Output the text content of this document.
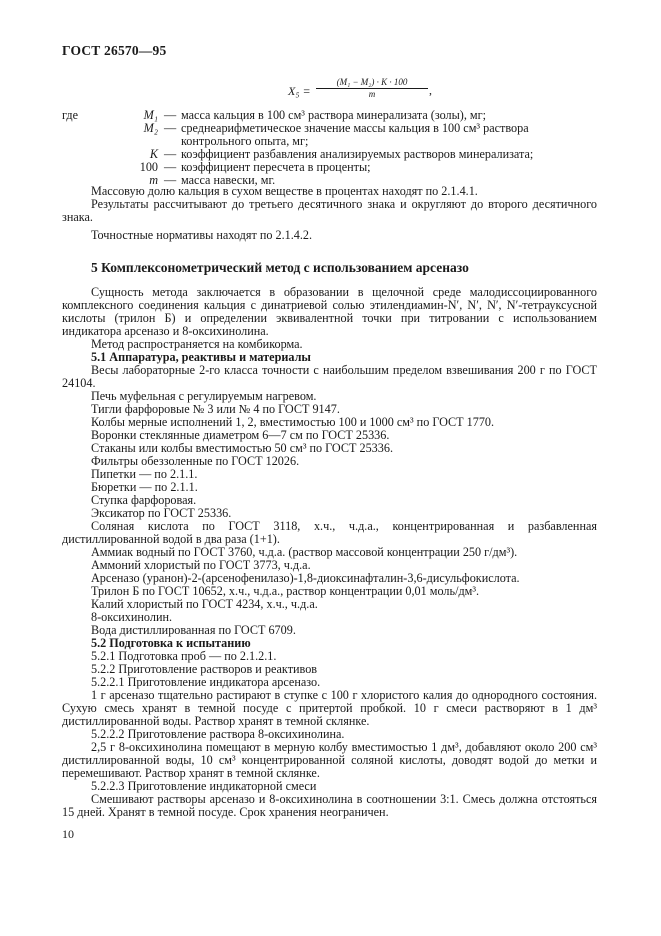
ГОСТ 26570—95
$X_5 = \frac{\text{(M₁ − M₂) · K · 100}}{m}$ ,
где	M₁ — масса кальция в 100 см³ раствора минерализата (золы), мг;
M₂ — среднеарифметическое значение массы кальция в 100 см³ раствора контрольного опыта, мг;
K — коэффициент разбавления анализируемых растворов минерализата;
100 — коэффициент пересчета в проценты;
m — масса навески, мг.

Массовую долю кальция в сухом веществе в процентах находят по 2.1.4.1.

Результаты рассчитывают до третьего десятичного знака и округляют до второго десятичного знака.

Точностные нормативы находят по 2.1.4.2.

5 Комплексонометрический метод с использованием арсеназо

Сущность метода заключается в образовании в щелочной среде малодиссоциированного комплексного соединения кальция с динатриевой солью этилендиамин-N′, N′, N′, N′-тетрауксусной кислоты (трилон Б) и определении эквивалентной точки при титровании с использованием индикатора арсеназо и 8-оксихинолина.

Метод распространяется на комбикорма.

5.1 Аппаратура, реактивы и материалы

Весы лабораторные 2-го класса точности с наибольшим пределом взвешивания 200 г по ГОСТ 24104.

Печь муфельная с регулируемым нагревом.

Тигли фарфоровые № 3 или № 4 по ГОСТ 9147.

Колбы мерные исполнений 1, 2, вместимостью 100 и 1000 см³ по ГОСТ 1770.

Воронки стеклянные диаметром 6—7 см по ГОСТ 25336.

Стаканы или колбы вместимостью 50 см³ по ГОСТ 25336.

Фильтры обеззоленные по ГОСТ 12026.

Пипетки — по 2.1.1.

Бюретки — по 2.1.1.

Ступка фарфоровая.

Эксикатор по ГОСТ 25336.

Соляная кислота по ГОСТ 3118, х.ч., ч.д.а., концентрированная и разбавленная дистиллированной водой в два раза (1+1).

Аммиак водный по ГОСТ 3760, ч.д.а. (раствор массовой концентрации 250 г/дм³).

Аммоний хлористый по ГОСТ 3773, ч.д.а.

Арсеназо (уранон)-2-(арсенофенилазо)-1,8-диоксинафталин-3,6-дисульфокислота.

Трилон Б по ГОСТ 10652, х.ч., ч.д.а., раствор концентрации 0,01 моль/дм³.

Калий хлористый по ГОСТ 4234, х.ч., ч.д.а.

8-оксихинолин.

Вода дистиллированная по ГОСТ 6709.

5.2 Подготовка к испытанию

5.2.1 Подготовка проб — по 2.1.2.1.

5.2.2 Приготовление растворов и реактивов

5.2.2.1 Приготовление индикатора арсеназо.

1 г арсеназо тщательно растирают в ступке с 100 г хлористого калия до однородного состояния. Сухую смесь хранят в темной посуде с притертой пробкой. 10 г смеси растворяют в 1 дм³ дистиллированной воды. Раствор хранят в темной склянке.

5.2.2.2 Приготовление раствора 8-оксихинолина.

2,5 г 8-оксихинолина помещают в мерную колбу вместимостью 1 дм³, добавляют около 200 см³ дистиллированной воды, 10 см³ концентрированной соляной кислоты, доводят водой до метки и перемешивают. Раствор хранят в темной склянке.

5.2.2.3 Приготовление индикаторной смеси

Смешивают растворы арсеназо и 8-оксихинолина в соотношении 3:1. Смесь должна отстояться 15 дней. Хранят в темной посуде. Срок хранения неограничен.

10
